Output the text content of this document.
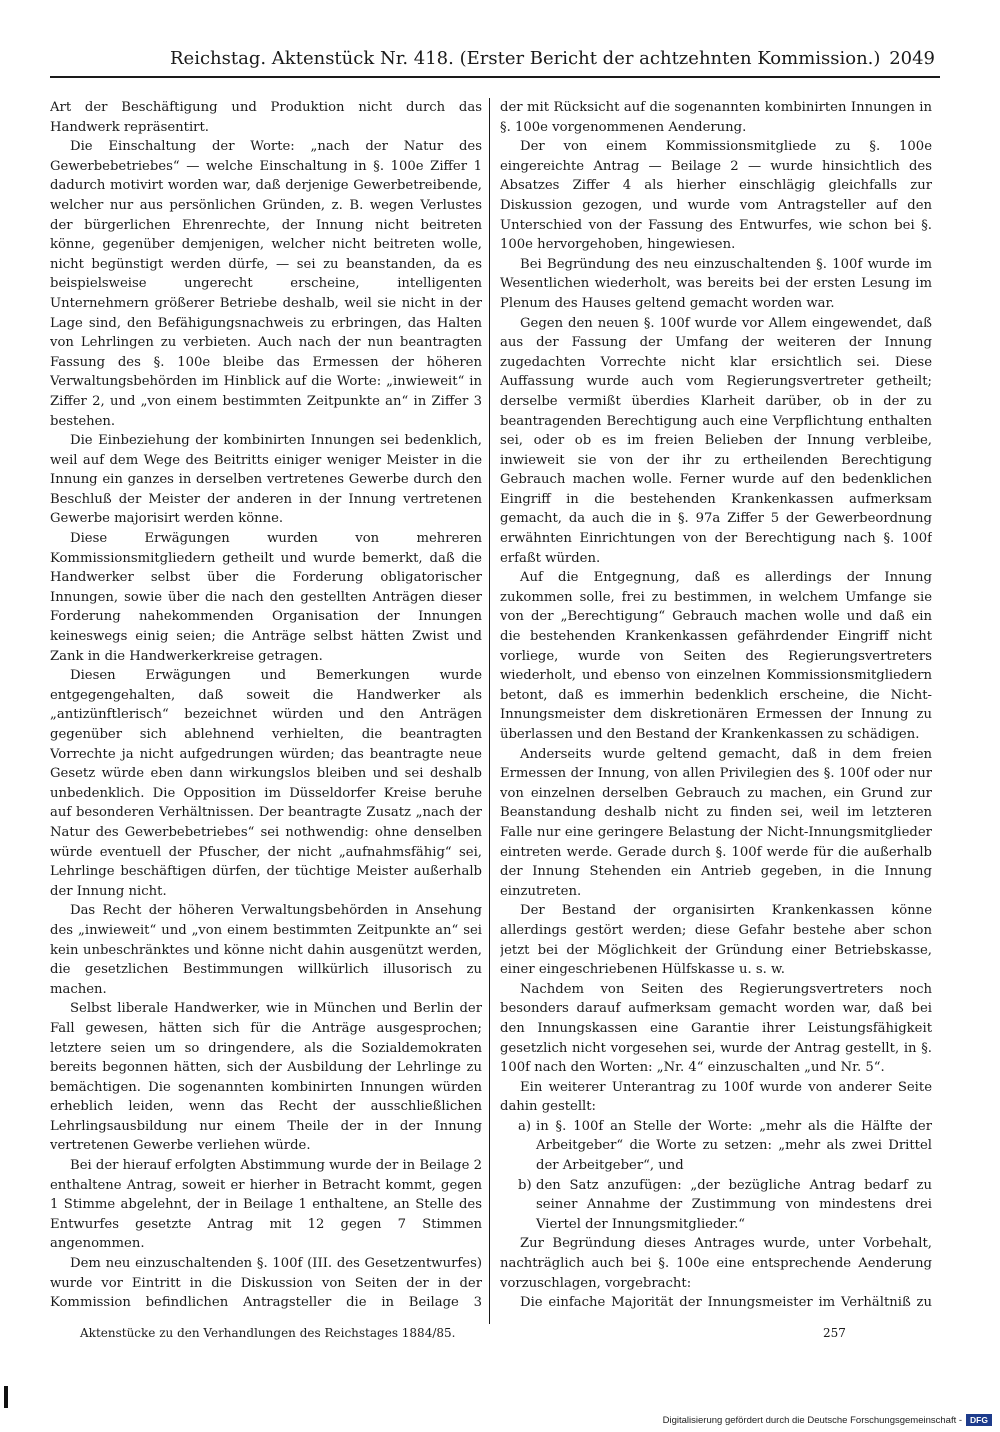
Reichstag. Aktenstück Nr. 418. (Erster Bericht der achtzehnten Kommission.) 2049

Art der Beschäftigung und Produktion nicht durch das Handwerk repräsentirt.

Die Einschaltung der Worte: „nach der Natur des Gewerbebetriebes“ — welche Einschaltung in §. 100e Ziffer 1 dadurch motivirt worden war, daß derjenige Gewerbetreibende, welcher nur aus persönlichen Gründen, z. B. wegen Verlustes der bürgerlichen Ehrenrechte, der Innung nicht beitreten könne, gegenüber demjenigen, welcher nicht beitreten wolle, nicht begünstigt werden dürfe, — sei zu beanstanden, da es beispielsweise ungerecht erscheine, intelligenten Unternehmern größerer Betriebe deshalb, weil sie nicht in der Lage sind, den Befähigungsnachweis zu erbringen, das Halten von Lehrlingen zu verbieten. Auch nach der nun beantragten Fassung des §. 100e bleibe das Ermessen der höheren Verwaltungsbehörden im Hinblick auf die Worte: „inwieweit“ in Ziffer 2, und „von einem bestimmten Zeitpunkte an“ in Ziffer 3 bestehen.

Die Einbeziehung der kombinirten Innungen sei bedenklich, weil auf dem Wege des Beitritts einiger weniger Meister in die Innung ein ganzes in derselben vertretenes Gewerbe durch den Beschluß der Meister der anderen in der Innung vertretenen Gewerbe majorisirt werden könne.

Diese Erwägungen wurden von mehreren Kommissionsmitgliedern getheilt und wurde bemerkt, daß die Handwerker selbst über die Forderung obligatorischer Innungen, sowie über die nach den gestellten Anträgen dieser Forderung nahekommenden Organisation der Innungen keineswegs einig seien; die Anträge selbst hätten Zwist und Zank in die Handwerkerkreise getragen.

Diesen Erwägungen und Bemerkungen wurde entgegengehalten, daß soweit die Handwerker als „antizünftlerisch“ bezeichnet würden und den Anträgen gegenüber sich ablehnend verhielten, die beantragten Vorrechte ja nicht aufgedrungen würden; das beantragte neue Gesetz würde eben dann wirkungslos bleiben und sei deshalb unbedenklich. Die Opposition im Düsseldorfer Kreise beruhe auf besonderen Verhältnissen. Der beantragte Zusatz „nach der Natur des Gewerbebetriebes“ sei nothwendig: ohne denselben würde eventuell der Pfuscher, der nicht „aufnahmsfähig“ sei, Lehrlinge beschäftigen dürfen, der tüchtige Meister außerhalb der Innung nicht.

Das Recht der höheren Verwaltungsbehörden in Ansehung des „inwieweit“ und „von einem bestimmten Zeitpunkte an“ sei kein unbeschränktes und könne nicht dahin ausgenützt werden, die gesetzlichen Bestimmungen willkürlich illusorisch zu machen.

Selbst liberale Handwerker, wie in München und Berlin der Fall gewesen, hätten sich für die Anträge ausgesprochen; letztere seien um so dringendere, als die Sozialdemokraten bereits begonnen hätten, sich der Ausbildung der Lehrlinge zu bemächtigen. Die sogenannten kombinirten Innungen würden erheblich leiden, wenn das Recht der ausschließlichen Lehrlingsausbildung nur einem Theile der in der Innung vertretenen Gewerbe verliehen würde.

Bei der hierauf erfolgten Abstimmung wurde der in Beilage 2 enthaltene Antrag, soweit er hierher in Betracht kommt, gegen 1 Stimme abgelehnt, der in Beilage 1 enthaltene, an Stelle des Entwurfes gesetzte Antrag mit 12 gegen 7 Stimmen angenommen.

Dem neu einzuschaltenden §. 100f (III. des Gesetzentwurfes) wurde vor Eintritt in die Diskussion von Seiten der in der Kommission befindlichen Antragsteller die in Beilage 3

der mit Rücksicht auf die sogenannten kombinirten Innungen in §. 100e vorgenommenen Aenderung.

Der von einem Kommissionsmitgliede zu §. 100e eingereichte Antrag — Beilage 2 — wurde hinsichtlich des Absatzes Ziffer 4 als hierher einschlägig gleichfalls zur Diskussion gezogen, und wurde vom Antragsteller auf den Unterschied von der Fassung des Entwurfes, wie schon bei §. 100e hervorgehoben, hingewiesen.

Bei Begründung des neu einzuschaltenden §. 100f wurde im Wesentlichen wiederholt, was bereits bei der ersten Lesung im Plenum des Hauses geltend gemacht worden war.

Gegen den neuen §. 100f wurde vor Allem eingewendet, daß aus der Fassung der Umfang der weiteren der Innung zugedachten Vorrechte nicht klar ersichtlich sei. Diese Auffassung wurde auch vom Regierungsvertreter getheilt; derselbe vermißt überdies Klarheit darüber, ob in der zu beantragenden Berechtigung auch eine Verpflichtung enthalten sei, oder ob es im freien Belieben der Innung verbleibe, inwieweit sie von der ihr zu ertheilenden Berechtigung Gebrauch machen wolle. Ferner wurde auf den bedenklichen Eingriff in die bestehenden Krankenkassen aufmerksam gemacht, da auch die in §. 97a Ziffer 5 der Gewerbeordnung erwähnten Einrichtungen von der Berechtigung nach §. 100f erfaßt würden.

Auf die Entgegnung, daß es allerdings der Innung zukommen solle, frei zu bestimmen, in welchem Umfange sie von der „Berechtigung“ Gebrauch machen wolle und daß ein die bestehenden Krankenkassen gefährdender Eingriff nicht vorliege, wurde von Seiten des Regierungsvertreters wiederholt, und ebenso von einzelnen Kommissionsmitgliedern betont, daß es immerhin bedenklich erscheine, die Nicht-Innungsmeister dem diskretionären Ermessen der Innung zu überlassen und den Bestand der Krankenkassen zu schädigen.

Anderseits wurde geltend gemacht, daß in dem freien Ermessen der Innung, von allen Privilegien des §. 100f oder nur von einzelnen derselben Gebrauch zu machen, ein Grund zur Beanstandung deshalb nicht zu finden sei, weil im letzteren Falle nur eine geringere Belastung der Nicht-Innungsmitglieder eintreten werde. Gerade durch §. 100f werde für die außerhalb der Innung Stehenden ein Antrieb gegeben, in die Innung einzutreten.

Der Bestand der organisirten Krankenkassen könne allerdings gestört werden; diese Gefahr bestehe aber schon jetzt bei der Möglichkeit der Gründung einer Betriebskasse, einer eingeschriebenen Hülfskasse u. s. w.

Nachdem von Seiten des Regierungsvertreters noch besonders darauf aufmerksam gemacht worden war, daß bei den Innungskassen eine Garantie ihrer Leistungsfähigkeit gesetzlich nicht vorgesehen sei, wurde der Antrag gestellt, in §. 100f nach den Worten: „Nr. 4“ einzuschalten „und Nr. 5“.

Ein weiterer Unterantrag zu 100f wurde von anderer Seite dahin gestellt:

a) in §. 100f an Stelle der Worte: „mehr als die Hälfte der Arbeitgeber“ die Worte zu setzen: „mehr als zwei Drittel der Arbeitgeber“, und

b) den Satz anzufügen: „der bezügliche Antrag bedarf zu seiner Annahme der Zustimmung von mindestens drei Viertel der Innungsmitglieder.“

Zur Begründung dieses Antrages wurde, unter Vorbehalt, nachträglich auch bei §. 100e eine entsprechende Aenderung vorzuschlagen, vorgebracht:

Die einfache Majorität der Innungsmeister im Verhältniß zu

Aktenstücke zu den Verhandlungen des Reichstages 1884/85.	257
Digitalisierung gefördert durch die Deutsche Forschungsgemeinschaft - DFG
